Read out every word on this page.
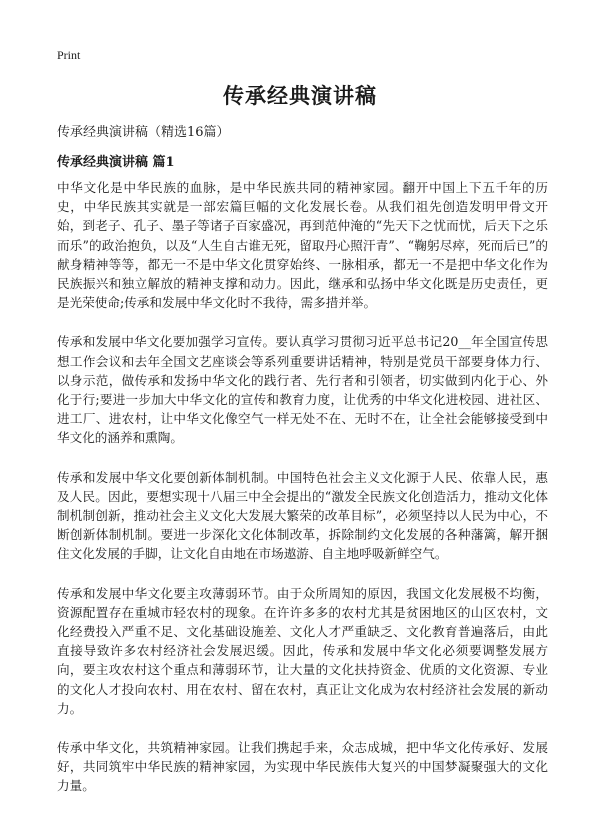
Print
传承经典演讲稿

传承经典演讲稿（精选16篇）

传承经典演讲稿 篇1

中华文化是中华民族的血脉，是中华民族共同的精神家园。翻开中国上下五千年的历史，中华民族其实就是一部宏篇巨幅的文化发展长卷。从我们祖先创造发明甲骨文开始，到老子、孔子、墨子等诸子百家盛况，再到范仲淹的“先天下之忧而忧，后天下之乐而乐”的政治抱负，以及“人生自古谁无死，留取丹心照汗青”、“鞠躬尽瘁，死而后已”的献身精神等等，都无一不是中华文化贯穿始终、一脉相承，都无一不是把中华文化作为民族振兴和独立解放的精神支撑和动力。因此，继承和弘扬中华文化既是历史责任，更是光荣使命;传承和发展中华文化时不我待，需多措并举。

传承和发展中华文化要加强学习宣传。要认真学习贯彻习近平总书记20__年全国宣传思想工作会议和去年全国文艺座谈会等系列重要讲话精神，特别是党员干部要身体力行、以身示范，做传承和发扬中华文化的践行者、先行者和引领者，切实做到内化于心、外化于行;要进一步加大中华文化的宣传和教育力度，让优秀的中华文化进校园、进社区、进工厂、进农村，让中华文化像空气一样无处不在、无时不在，让全社会能够接受到中华文化的涵养和熏陶。

传承和发展中华文化要创新体制机制。中国特色社会主义文化源于人民、依靠人民，惠及人民。因此，要想实现十八届三中全会提出的“激发全民族文化创造活力，推动文化体制机制创新，推动社会主义文化大发展大繁荣的改革目标”，必须坚持以人民为中心，不断创新体制机制。要进一步深化文化体制改革，拆除制约文化发展的各种藩篱，解开捆住文化发展的手脚，让文化自由地在市场遨游、自主地呼吸新鲜空气。

传承和发展中华文化要主攻薄弱环节。由于众所周知的原因，我国文化发展极不均衡，资源配置存在重城市轻农村的现象。在许许多多的农村尤其是贫困地区的山区农村，文化经费投入严重不足、文化基础设施差、文化人才严重缺乏、文化教育普遍落后，由此直接导致许多农村经济社会发展迟缓。因此，传承和发展中华文化必须要调整发展方向，要主攻农村这个重点和薄弱环节，让大量的文化扶持资金、优质的文化资源、专业的文化人才投向农村、用在农村、留在农村，真正让文化成为农村经济社会发展的新动力。

传承中华文化，共筑精神家园。让我们携起手来，众志成城，把中华文化传承好、发展好，共同筑牢中华民族的精神家园，为实现中华民族伟大复兴的中国梦凝聚强大的文化力量。
